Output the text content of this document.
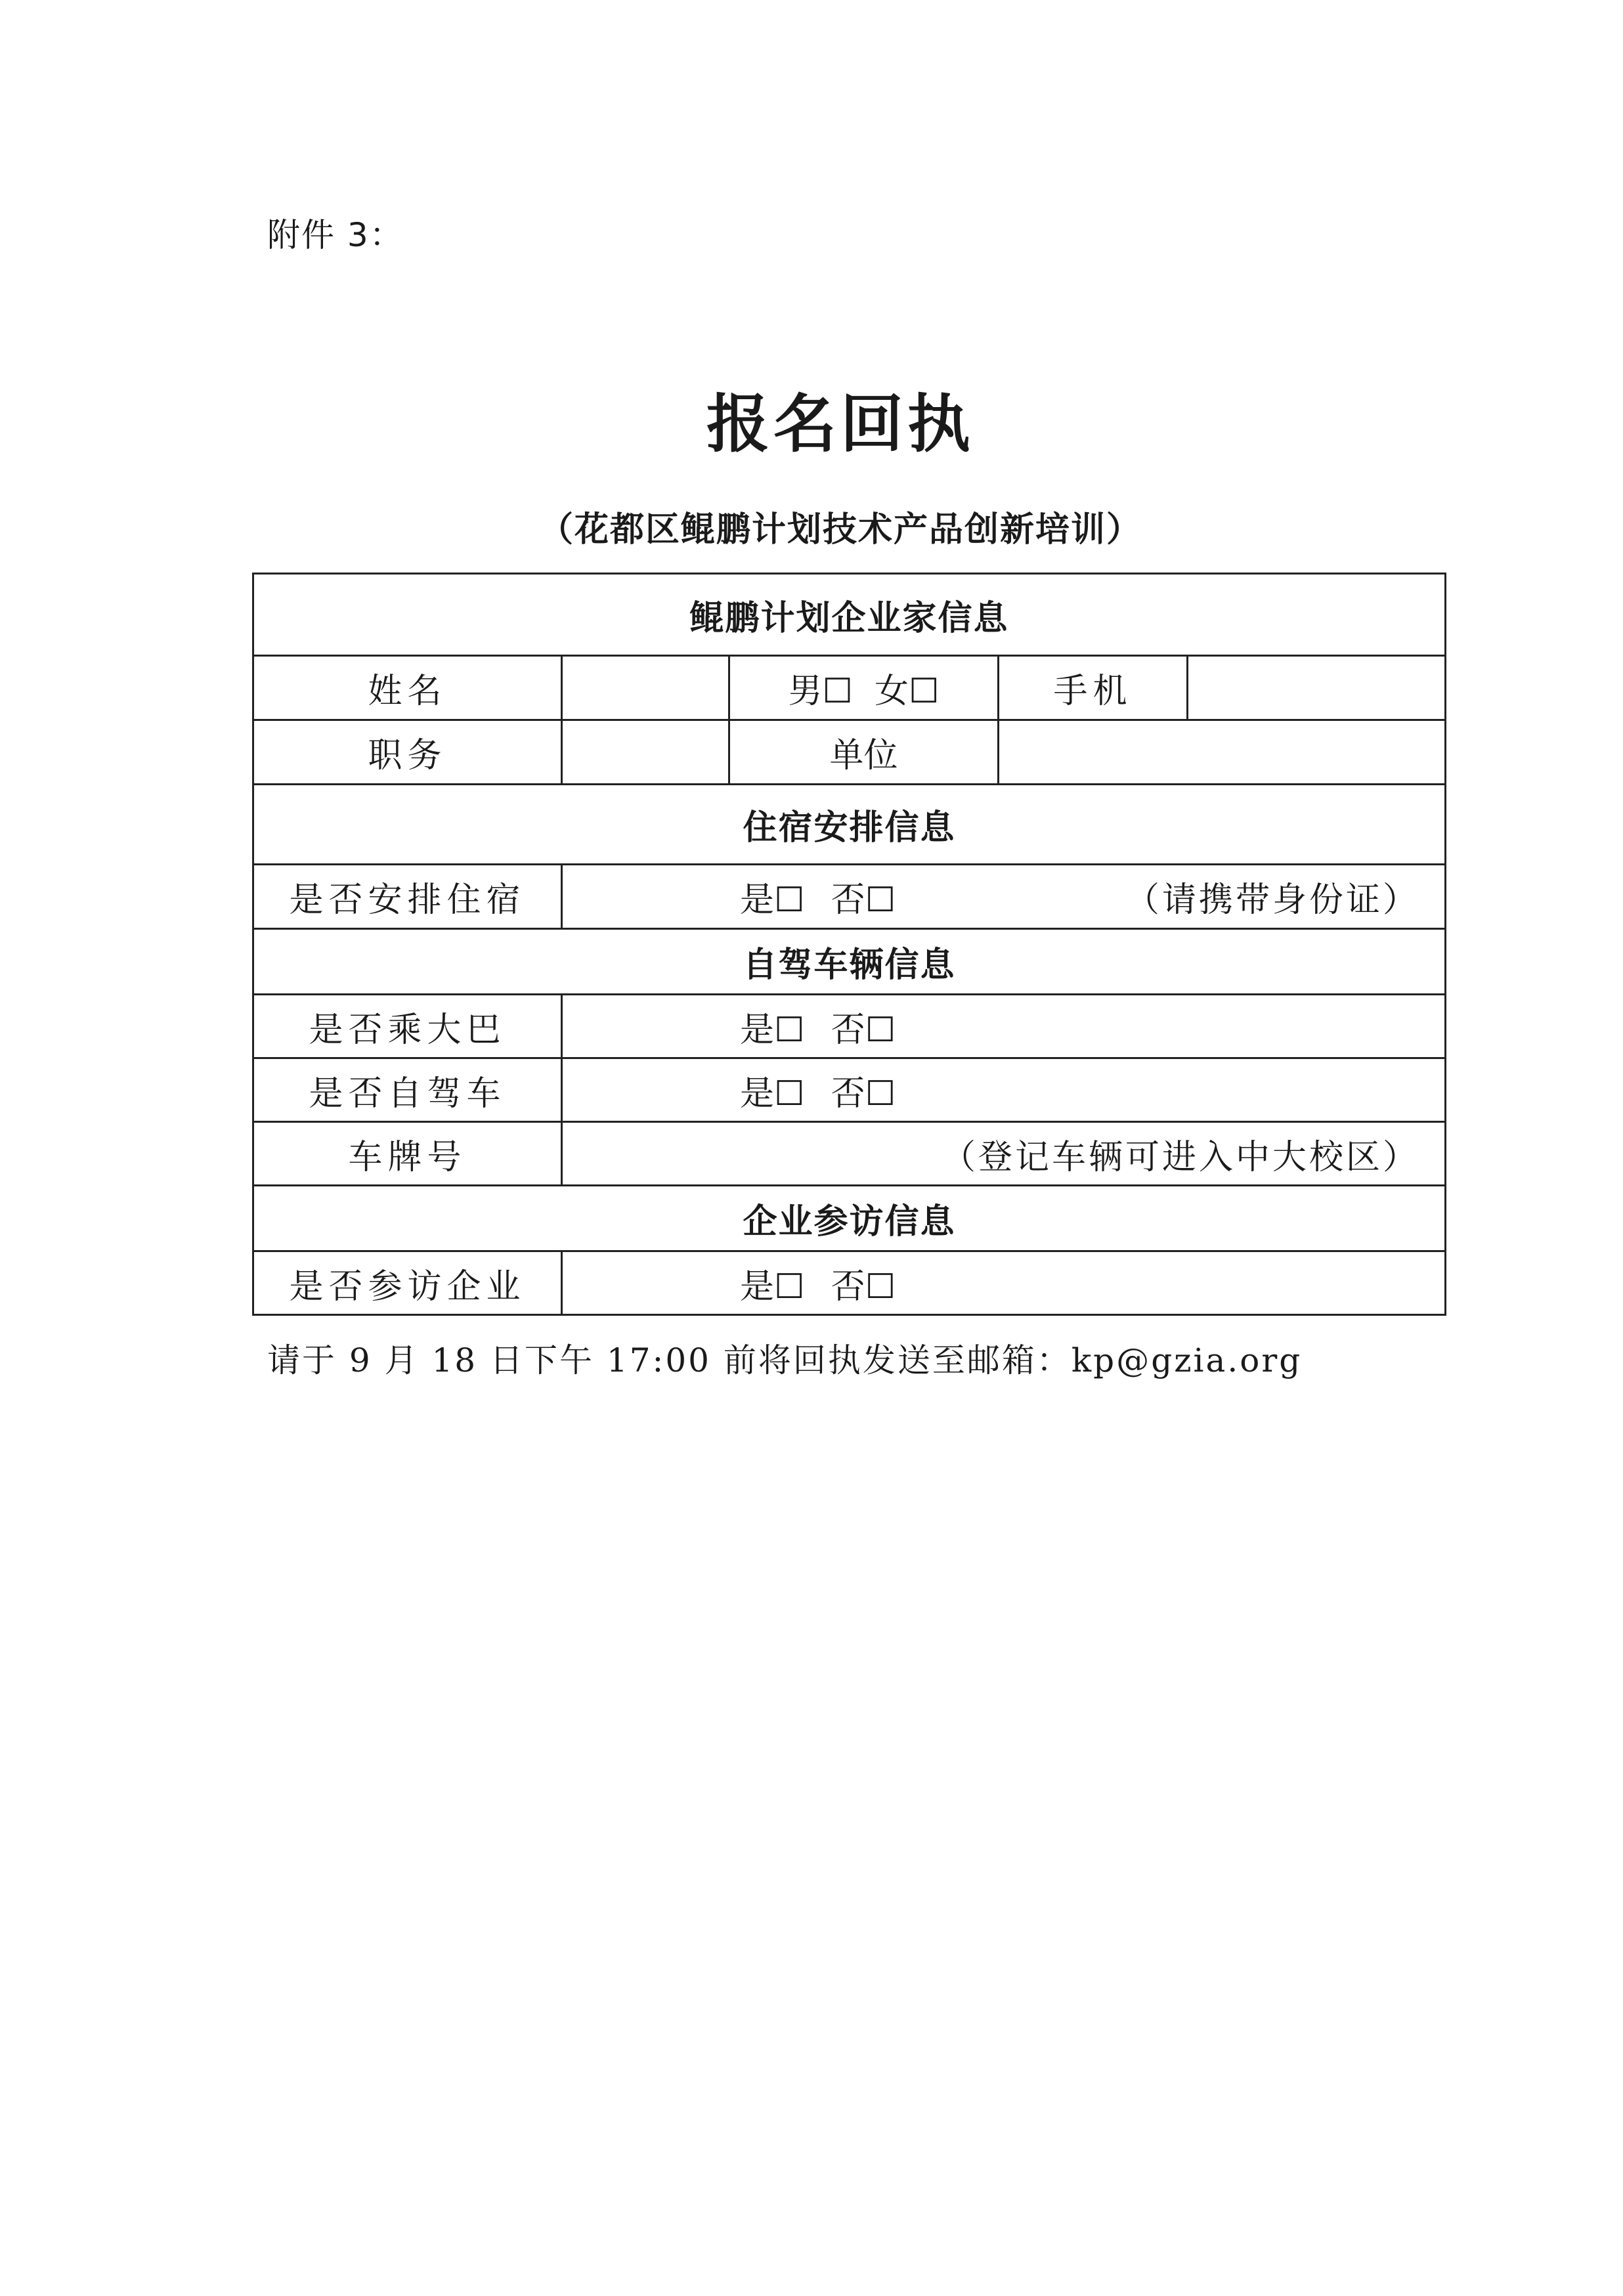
附件 3：
报名回执
（花都区鲲鹏计划技术产品创新培训）
鲲鹏计划企业家信息				
姓名		男☐ 女☐	手机	
职务		单位		
住宿安排信息				
是否安排住宿	是☐ 否☐ （请携带身份证）			

自驾车辆信息				
是否乘大巴	是☐ 否☐			
是否自驾车	是☐ 否☐			
车牌号	（登记车辆可进入中大校区）			

企业参访信息				
是否参访企业	是☐ 否☐			
请于 9 月 18 日下午 17:00 前将回执发送至邮箱：kp@gzia.org
